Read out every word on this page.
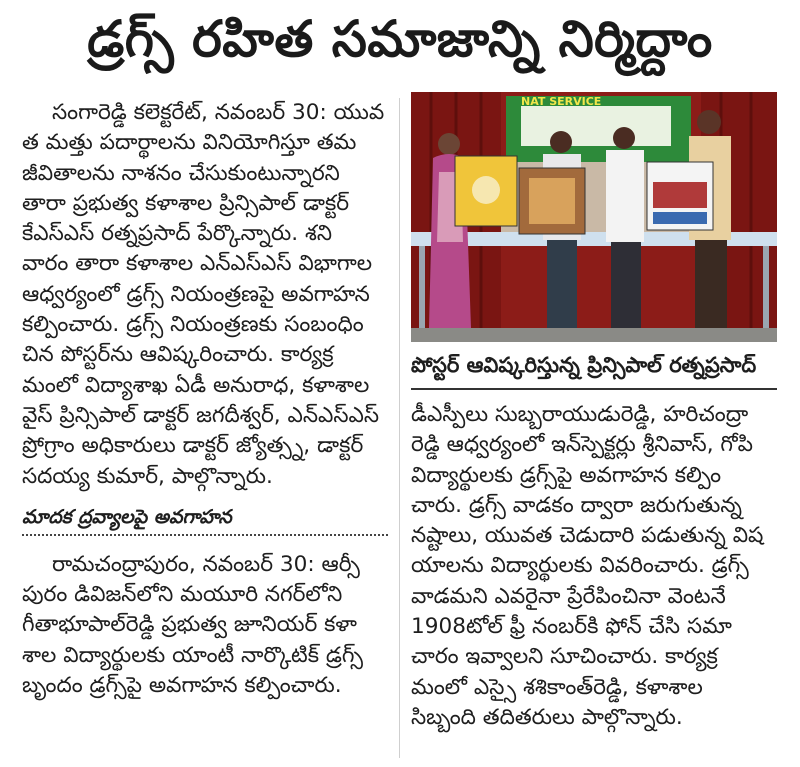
డ్రగ్స్ రహిత సమాజాన్ని నిర్మిద్దాం

సంగారెడ్డి కలెక్టరేట్, నవంబర్ 30: యువ
త మత్తు పదార్థాలను వినియోగిస్తూ తమ
జీవితాలను నాశనం చేసుకుంటున్నారని
తారా ప్రభుత్వ కళాశాల ప్రిన్సిపాల్ డాక్టర్
కేఎస్ఎస్ రత్నప్రసాద్ పేర్కొన్నారు. శని
వారం తారా కళాశాల ఎన్ఎస్ఎస్ విభాగాల
ఆధ్వర్యంలో డ్రగ్స్ నియంత్రణపై అవగాహన
కల్పించారు. డ్రగ్స్ నియంత్రణకు సంబంధిం
చిన పోస్టర్‌ను ఆవిష్కరించారు. కార్యక్ర
మంలో విద్యాశాఖ ఏడీ అనురాధ, కళాశాల
వైస్ ప్రిన్సిపాల్ డాక్టర్ జగదీశ్వర్, ఎన్ఎస్ఎస్
ప్రోగ్రాం అధికారులు డాక్టర్ జ్యోత్స్న, డాక్టర్
సదయ్య కుమార్, పాల్గొన్నారు.

మాదక ద్రవ్యాలపై అవగాహన

రామచంద్రాపురం, నవంబర్ 30: ఆర్సీ
పురం డివిజన్‌లోని మయూరి నగర్‌లోని
గీతాభూపాల్‌రెడ్డి ప్రభుత్వ జూనియర్ కళా
శాల విద్యార్థులకు యాంటీ నార్కొటిక్ డ్రగ్స్
బృందం డ్రగ్స్‌పై అవగాహన కల్పించారు.

NAT SERVICE
పోస్టర్ ఆవిష్కరిస్తున్న ప్రిన్సిపాల్ రత్నప్రసాద్

డీఎస్పీలు సుబ్బరాయుడురెడ్డి, హరిచంద్రా
రెడ్డి ఆధ్వర్యంలో ఇన్‌స్పెక్టర్లు శ్రీనివాస్, గోపి
విద్యార్థులకు డ్రగ్స్‌పై అవగాహన కల్పిం
చారు. డ్రగ్స్ వాడకం ద్వారా జరుగుతున్న
నష్టాలు, యువత చెడుదారి పడుతున్న విష
యాలను విద్యార్థులకు వివరించారు. డ్రగ్స్
వాడమని ఎవరైనా ప్రేరేపించినా వెంటనే
1908టోల్ ఫ్రీ నంబర్‌కి ఫోన్ చేసి సమా
చారం ఇవ్వాలని సూచించారు. కార్యక్ర
మంలో ఎస్సై శశికాంత్‌రెడ్డి, కళాశాల
సిబ్బంది తదితరులు పాల్గొన్నారు.
